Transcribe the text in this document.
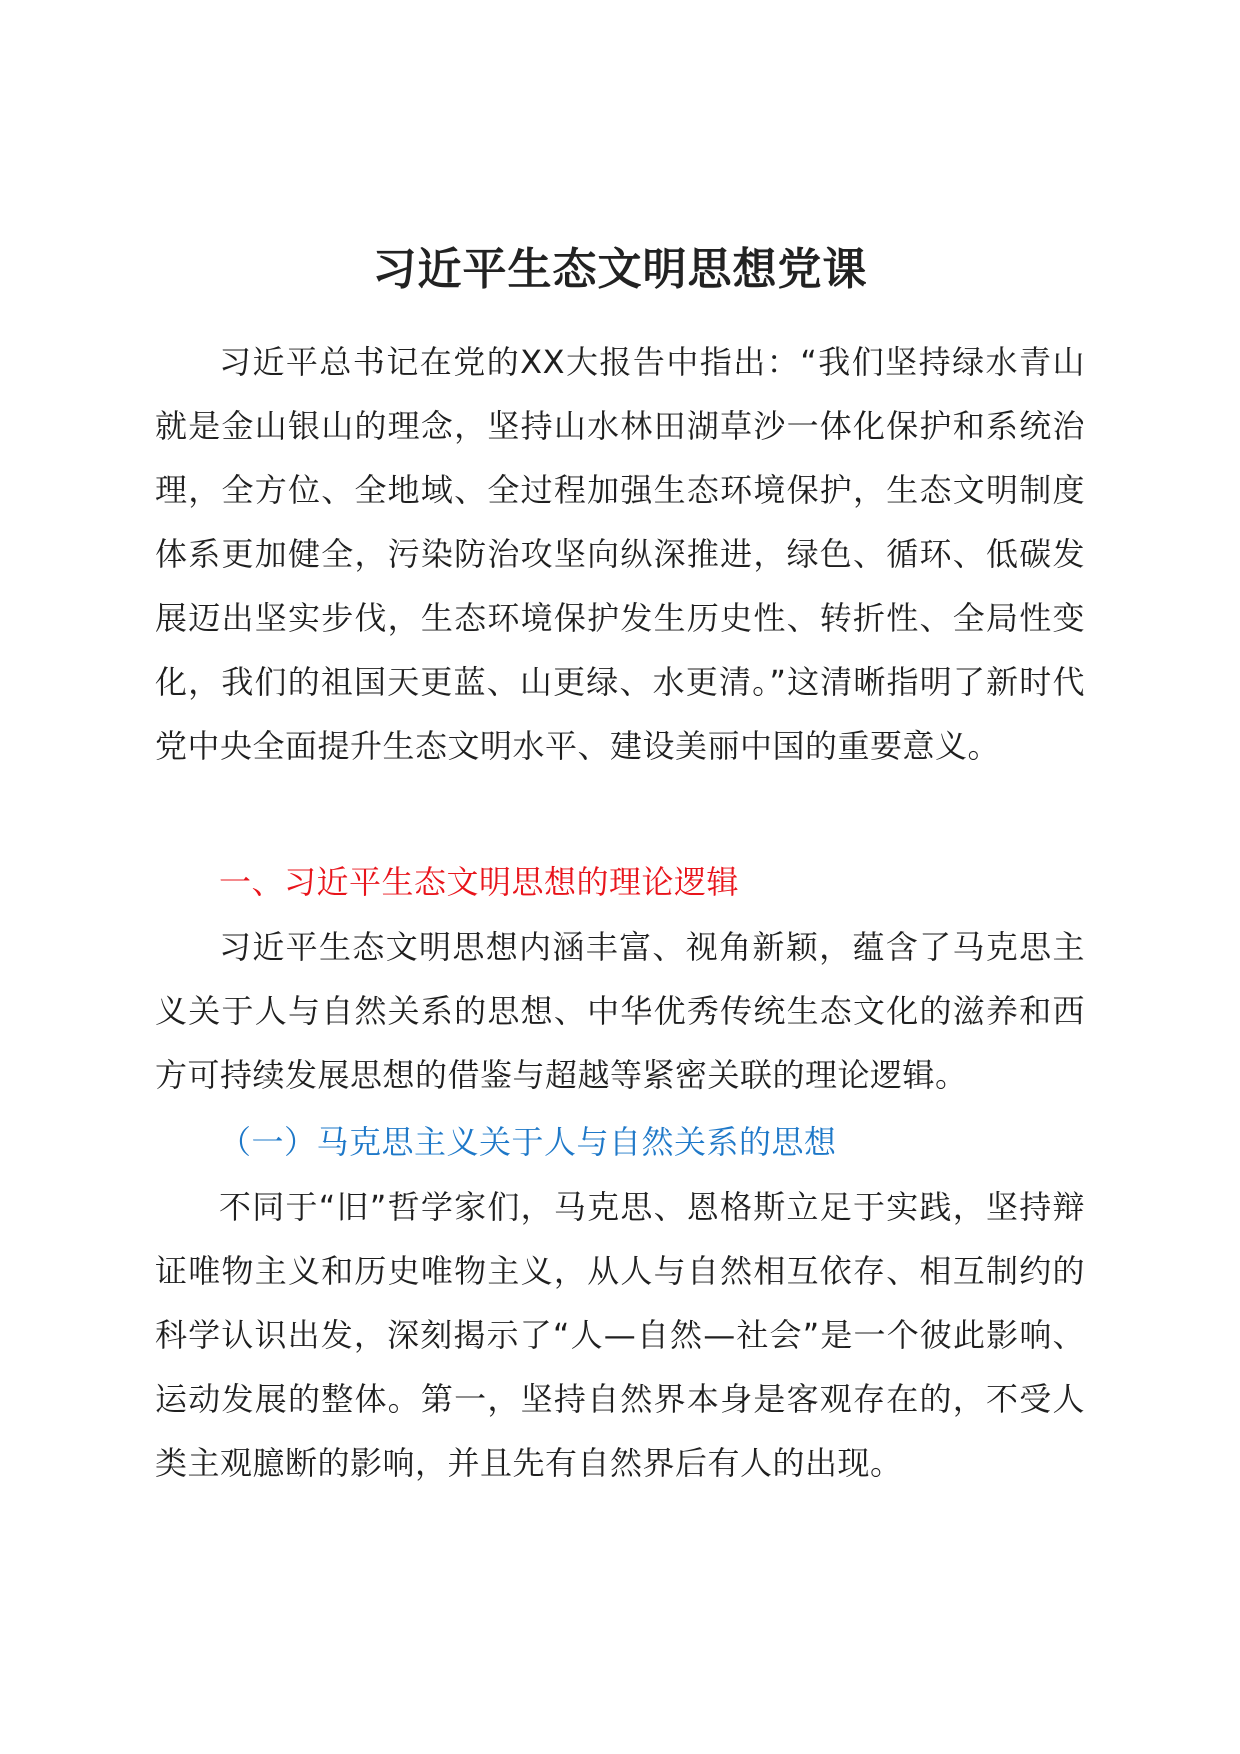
习近平生态文明思想党课

习近平总书记在党的XX大报告中指出：“我们坚持绿水青山就是金山银山的理念，坚持山水林田湖草沙一体化保护和系统治理，全方位、全地域、全过程加强生态环境保护，生态文明制度体系更加健全，污染防治攻坚向纵深推进，绿色、循环、低碳发展迈出坚实步伐，生态环境保护发生历史性、转折性、全局性变化，我们的祖国天更蓝、山更绿、水更清。”这清晰指明了新时代党中央全面提升生态文明水平、建设美丽中国的重要意义。

一、习近平生态文明思想的理论逻辑

习近平生态文明思想内涵丰富、视角新颖，蕴含了马克思主义关于人与自然关系的思想、中华优秀传统生态文化的滋养和西方可持续发展思想的借鉴与超越等紧密关联的理论逻辑。

（一）马克思主义关于人与自然关系的思想

不同于“旧”哲学家们，马克思、恩格斯立足于实践，坚持辩证唯物主义和历史唯物主义，从人与自然相互依存、相互制约的科学认识出发，深刻揭示了“人—自然—社会”是一个彼此影响、运动发展的整体。第一，坚持自然界本身是客观存在的，不受人类主观臆断的影响，并且先有自然界后有人的出现。
